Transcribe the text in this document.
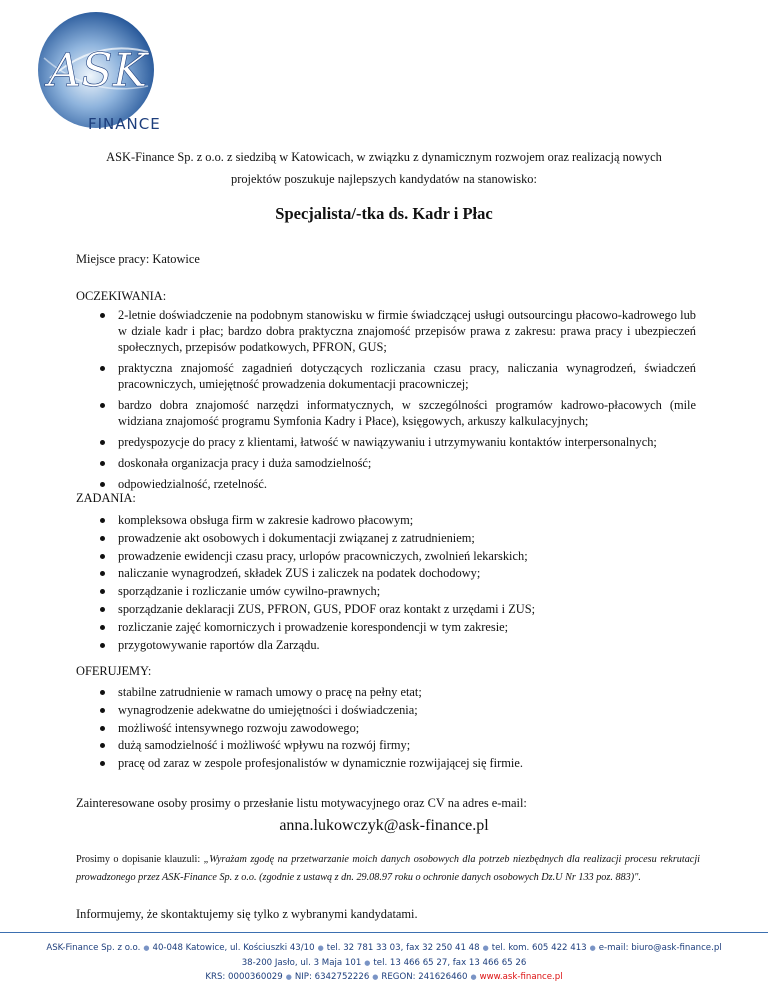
ASK
FINANCE
ASK-Finance Sp. z o.o. z siedzibą w Katowicach, w związku z dynamicznym rozwojem oraz realizacją nowych
projektów poszukuje najlepszych kandydatów na stanowisko:
Specjalista/-tka ds. Kadr i Płac
Miejsce pracy: Katowice
OCZEKIWANIA:
2-letnie doświadczenie na podobnym stanowisku w firmie świadczącej usługi outsourcingu płacowo-kadrowego lub w dziale kadr i płac; bardzo dobra praktyczna znajomość przepisów prawa z zakresu: prawa pracy i ubezpieczeń społecznych, przepisów podatkowych, PFRON, GUS;
praktyczna znajomość zagadnień dotyczących rozliczania czasu pracy, naliczania wynagrodzeń, świadczeń pracowniczych, umiejętność prowadzenia dokumentacji pracowniczej;
bardzo dobra znajomość narzędzi informatycznych, w szczególności programów kadrowo-płacowych (mile widziana znajomość programu Symfonia Kadry i Płace), księgowych, arkuszy kalkulacyjnych;
predyspozycje do pracy z klientami, łatwość w nawiązywaniu i utrzymywaniu kontaktów interpersonalnych;
doskonała organizacja pracy i duża samodzielność;
odpowiedzialność, rzetelność.
ZADANIA:
kompleksowa obsługa firm w zakresie kadrowo płacowym;
prowadzenie akt osobowych i dokumentacji związanej z zatrudnieniem;
prowadzenie ewidencji czasu pracy, urlopów pracowniczych, zwolnień lekarskich;
naliczanie wynagrodzeń, składek ZUS i zaliczek na podatek dochodowy;
sporządzanie i rozliczanie umów cywilno-prawnych;
sporządzanie deklaracji ZUS, PFRON, GUS, PDOF oraz kontakt z urzędami i ZUS;
rozliczanie zajęć komorniczych i prowadzenie korespondencji w tym zakresie;
przygotowywanie raportów dla Zarządu.
OFERUJEMY:
stabilne zatrudnienie w ramach umowy o pracę na pełny etat;
wynagrodzenie adekwatne do umiejętności i doświadczenia;
możliwość intensywnego rozwoju zawodowego;
dużą samodzielność i możliwość wpływu na rozwój firmy;
pracę od zaraz w zespole profesjonalistów w dynamicznie rozwijającej się firmie.
Zainteresowane osoby prosimy o przesłanie listu motywacyjnego oraz CV na adres e-mail:
anna.lukowczyk@ask-finance.pl
Prosimy o dopisanie klauzuli: „Wyrażam zgodę na przetwarzanie moich danych osobowych dla potrzeb niezbędnych dla realizacji procesu rekrutacji prowadzonego przez ASK-Finance Sp. z o.o. (zgodnie z ustawą z dn. 29.08.97 roku o ochronie danych osobowych Dz.U Nr 133 poz. 883)".
Informujemy, że skontaktujemy się tylko z wybranymi kandydatami.
ASK-Finance Sp. z o.o. ● 40-048 Katowice, ul. Kościuszki 43/10 ● tel. 32 781 33 03, fax 32 250 41 48 ● tel. kom. 605 422 413 ● e-mail: biuro@ask-finance.pl
38-200 Jasło, ul. 3 Maja 101 ● tel. 13 466 65 27, fax 13 466 65 26
KRS: 0000360029 ● NIP: 6342752226 ● REGON: 241626460 ● www.ask-finance.pl
